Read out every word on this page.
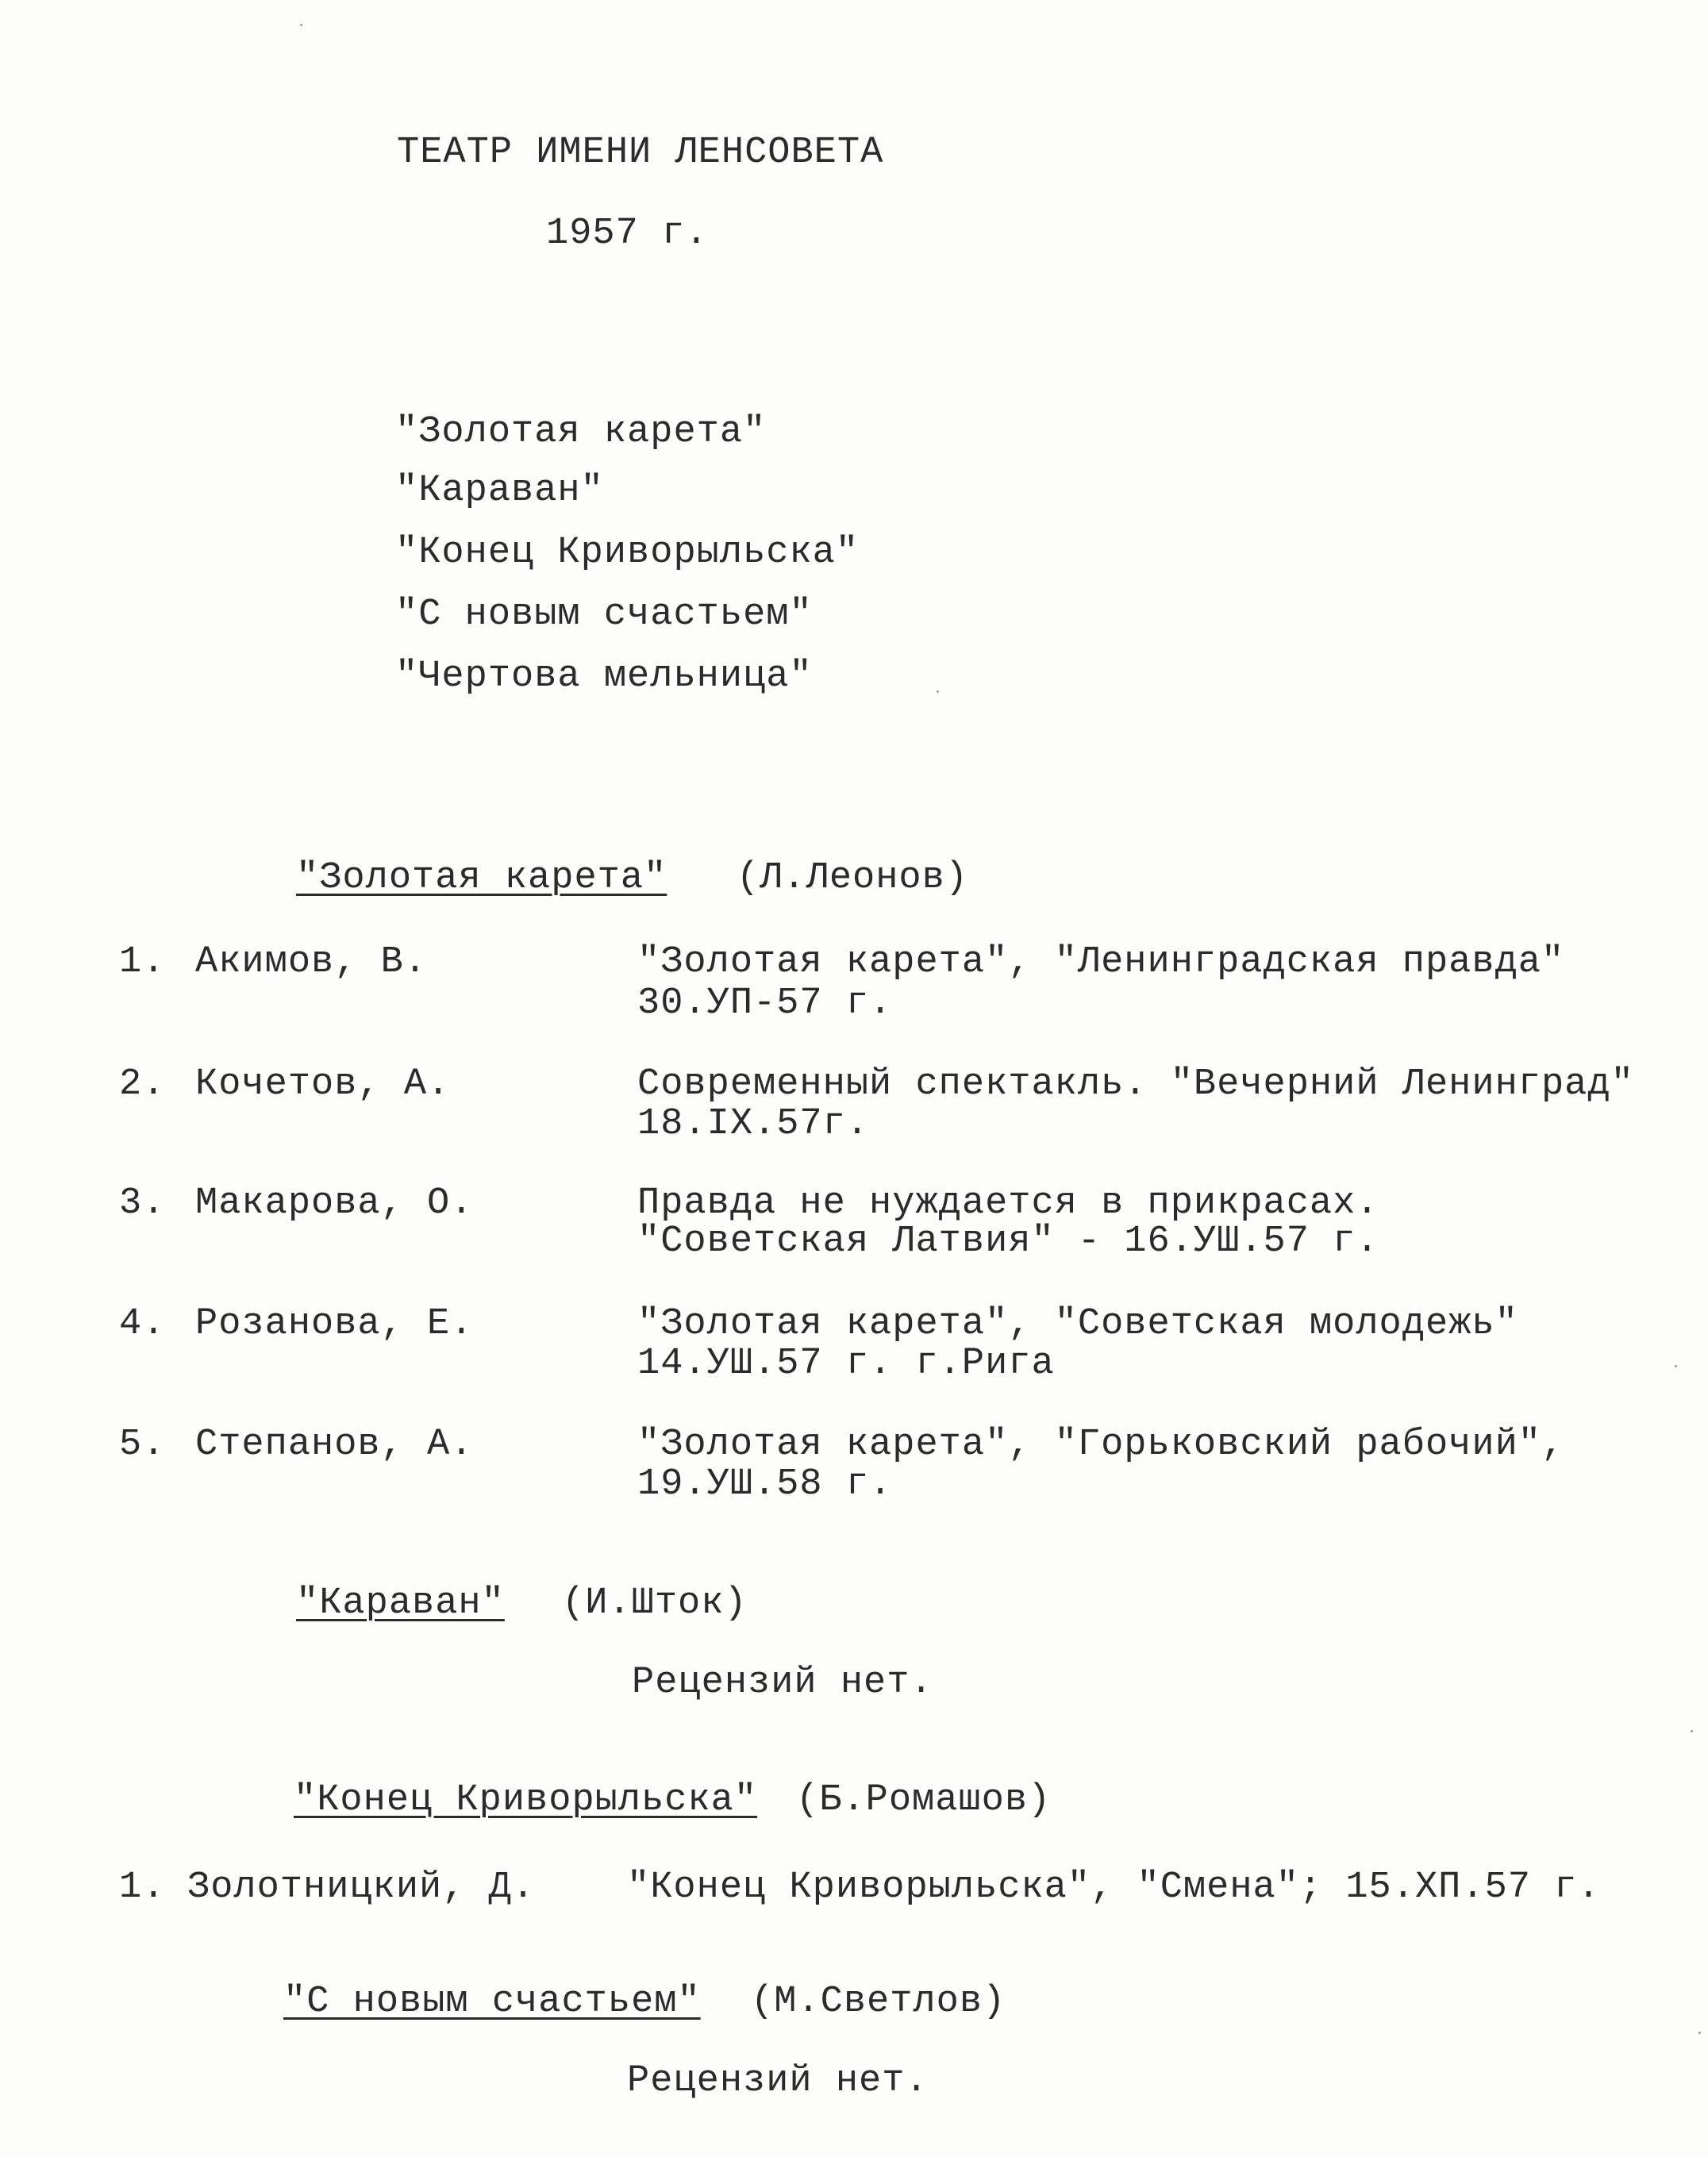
ТЕАТР ИМЕНИ ЛЕНСОВЕТА
1957 г.
"Золотая карета"
"Караван"
"Конец Криворыльска"
"С новым счастьем"
"Чертова мельница"
"Золотая карета" (Л.Леонов)
1. Акимов, В.	"Золотая карета", "Ленинградская правда"
30.УП-57 г.
2. Кочетов, А.	Современный спектакль. "Вечерний Ленинград"
18.IX.57г.
3. Макарова, О.	Правда не нуждается в прикрасах.
"Советская Латвия" - 16.УШ.57 г.
4. Розанова, Е.	"Золотая карета", "Советская молодежь"
14.УШ.57 г. г.Рига
5. Степанов, А.	"Золотая карета", "Горьковский рабочий",
19.УШ.58 г.
"Караван" (И.Шток)
Рецензий нет.
"Конец Криворыльска" (Б.Ромашов)
1. Золотницкий, Д. "Конец Криворыльска", "Смена"; 15.ХП.57 г.
"С новым счастьем" (М.Светлов)
Рецензий нет.
